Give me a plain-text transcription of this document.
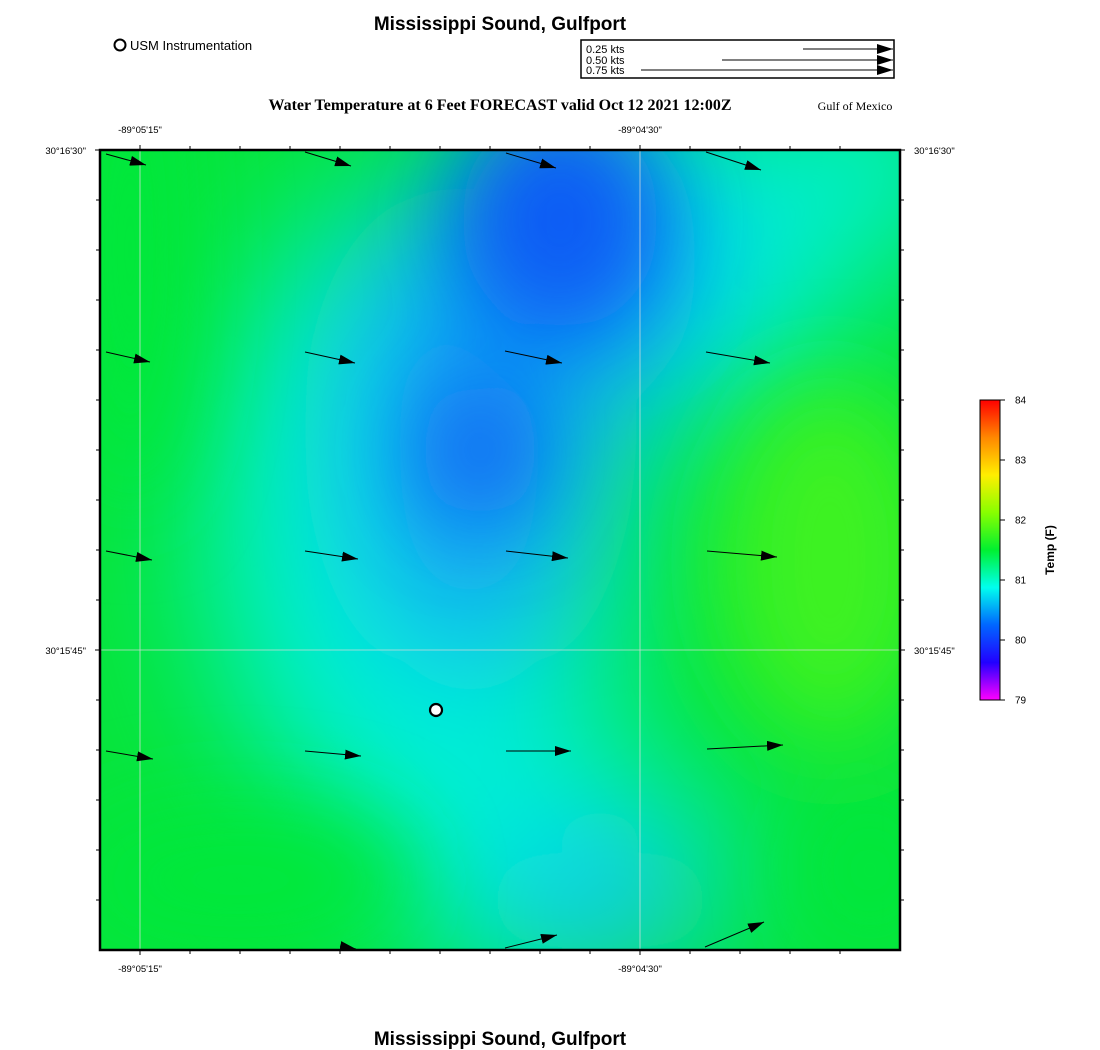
Mississippi Sound, Gulfport
Water Temperature at 6 Feet FORECAST valid Oct 12 2021 12:00Z	Gulf of Mexico
Mississippi Sound, Gulfport
USM Instrumentation	0.25 kts
0.50 kts
0.75 kts
-89°05'15"	-89°04'30"
-89°05'15"	-89°04'30"
30°16'30"
30°15'45"
30°16'30"
30°15'45"
84
83
82
81
80
79
Temp (F)
